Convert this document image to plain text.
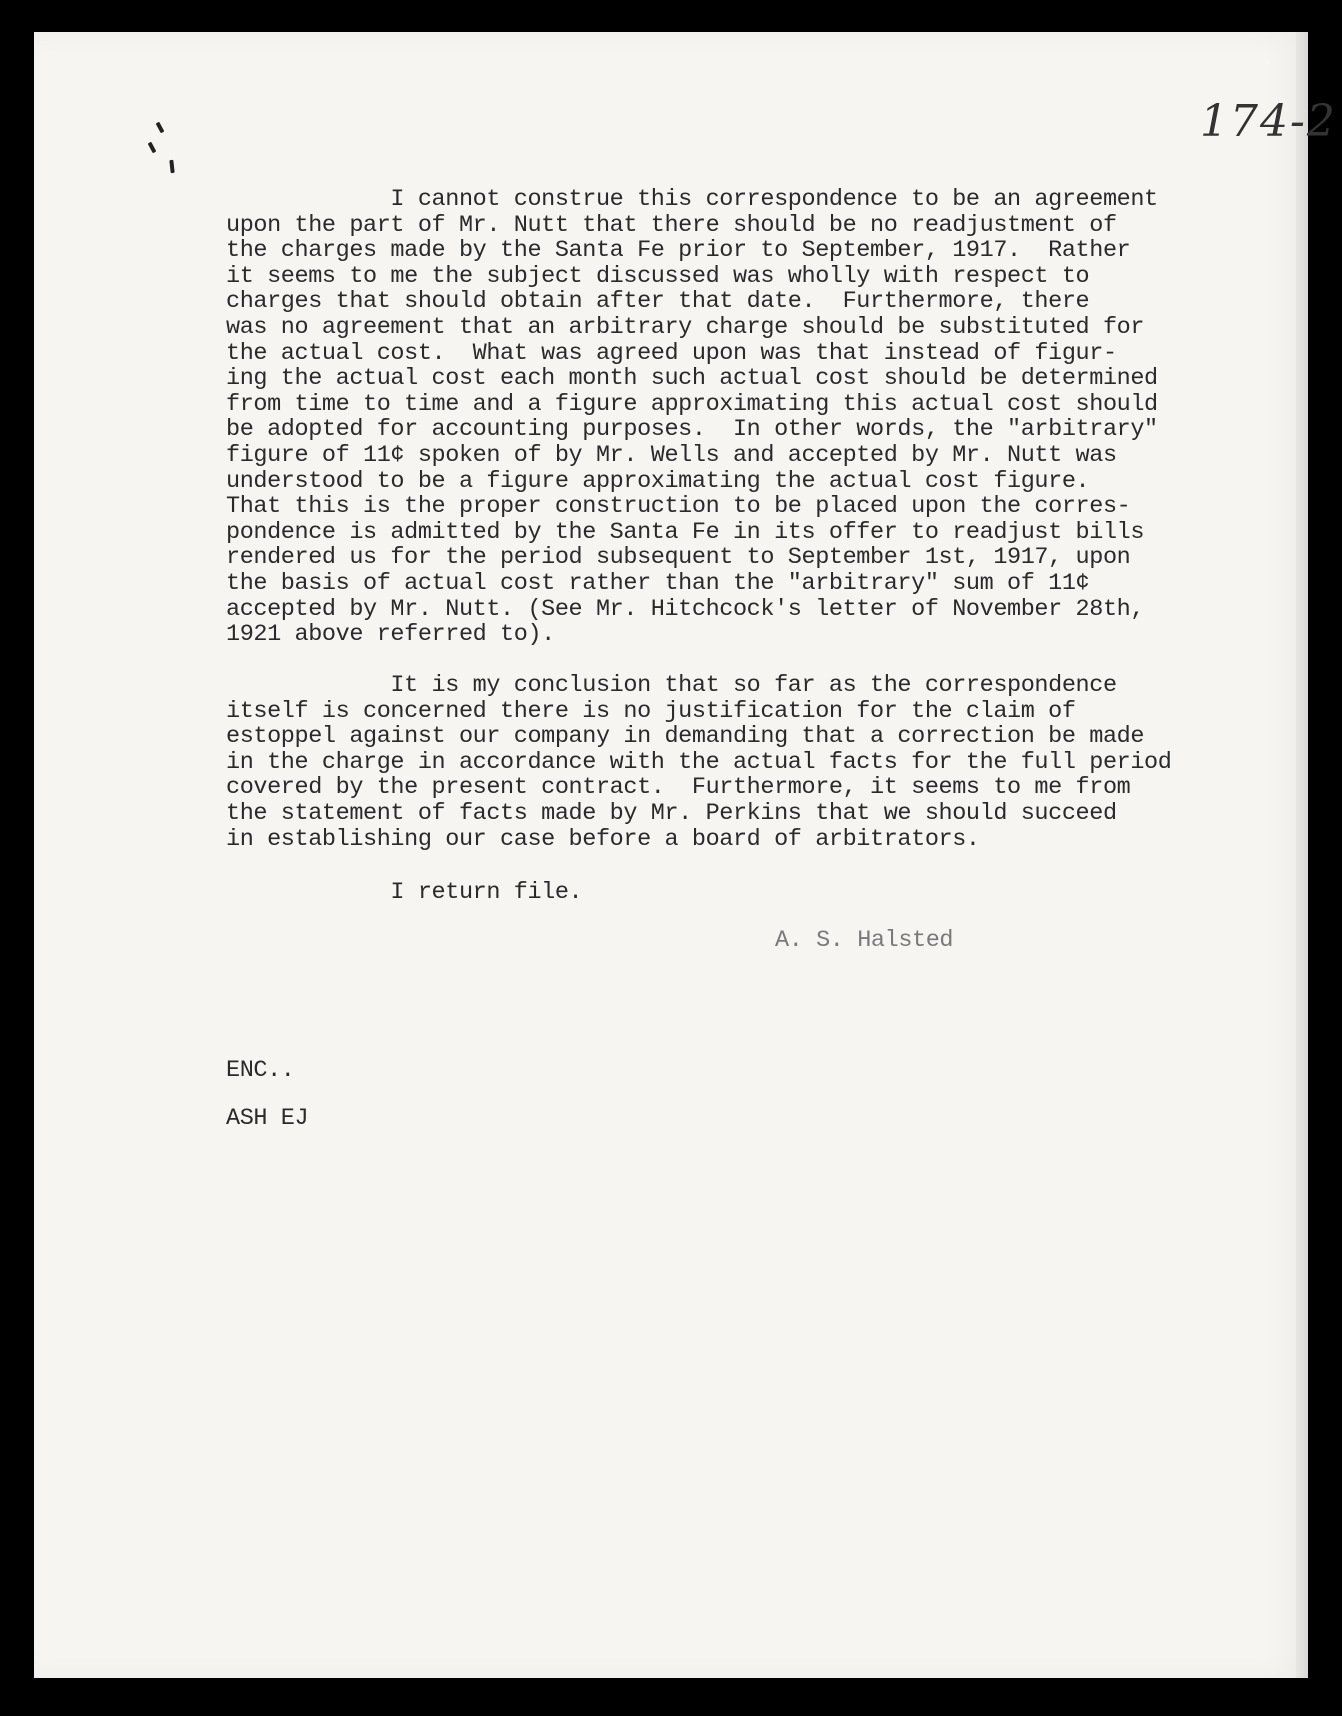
174-2
I cannot construe this correspondence to be an agreement
upon the part of Mr. Nutt that there should be no readjustment of
the charges made by the Santa Fe prior to September, 1917.  Rather
it seems to me the subject discussed was wholly with respect to
charges that should obtain after that date.  Furthermore, there
was no agreement that an arbitrary charge should be substituted for
the actual cost.  What was agreed upon was that instead of figur-
ing the actual cost each month such actual cost should be determined
from time to time and a figure approximating this actual cost should
be adopted for accounting purposes.  In other words, the "arbitrary"
figure of 11¢ spoken of by Mr. Wells and accepted by Mr. Nutt was
understood to be a figure approximating the actual cost figure.
That this is the proper construction to be placed upon the corres-
pondence is admitted by the Santa Fe in its offer to readjust bills
rendered us for the period subsequent to September 1st, 1917, upon
the basis of actual cost rather than the "arbitrary" sum of 11¢
accepted by Mr. Nutt. (See Mr. Hitchcock's letter of November 28th,
1921 above referred to).
It is my conclusion that so far as the correspondence
itself is concerned there is no justification for the claim of
estoppel against our company in demanding that a correction be made
in the charge in accordance with the actual facts for the full period
covered by the present contract.  Furthermore, it seems to me from
the statement of facts made by Mr. Perkins that we should succeed
in establishing our case before a board of arbitrators.
I return file.
A. S. Halsted
ENC..
ASH EJ
